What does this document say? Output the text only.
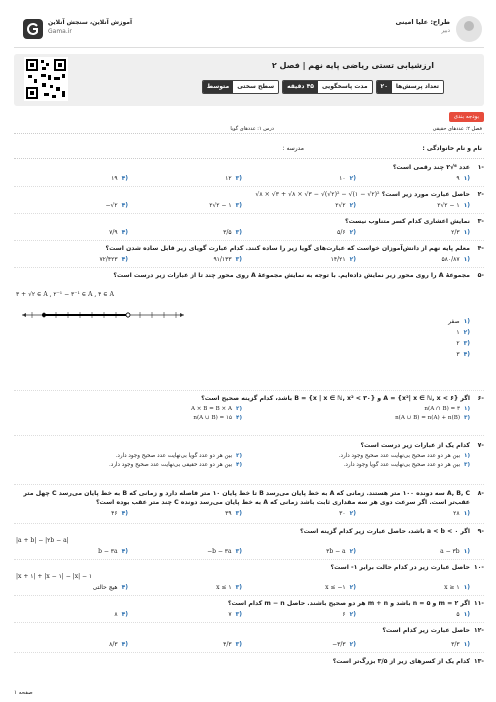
طراح: علیا امینی
دبیر
آموزش آنلاین، سنجش آنلاین
Gama.ir
ارزشیابی تستی ریاضی پایه نهم | فصل ۲
تعداد پرسش‌ها
۲۰
مدت پاسخگویی
۴۵ دقیقه
سطح سختی
متوسط
بودجه بندی
فصل ۲: عددهای حقیقی
درس ۱: عددهای گویا
نام و نام خانوادگی :
مدرسه :
-۱
عدد ⁶√۲ چند رقمی است؟
(۱
۹
(۲
۱۰
(۳
۱۲
(۴
۱۹
-۲
حاصل عبارت مورد زیر است؟ √۸ × √۳ + √۸ × √۳ − √(√۲)² − √(۱ − √۲)²
(۱
۲√۲ − ۱
(۲
۲√۲
(۳
۲√۲ − ۱
(۴
−√۲
-۳
نمایش اعشاری کدام کسر متناوب نیست؟
(۱
۲/۳
(۲
۵/۶
(۳
۳/۵
(۴
۷/۹
-۴
معلم پایه نهم از دانش‌آموزان خواست که عبارت‌های گویا زیر را ساده کنند. کدام عبارت گویای زیر قابل ساده شدن است؟
(۱
۵۸۰/۸۷
(۲
۱۴/۲۱
(۳
۹۱/۱۳۳
(۴
۷۲/۴۲۳
-۵
مجموعهٔ A را روی محور زیر نمایش داده‌ایم. با توجه به نمایش مجموعهٔ A روی محور چند تا از عبارات زیر درست است؟
۳ + √۲ ∈ A , ۲⁻¹ − ۳⁻¹ ∈ A , ۴ ∈ A
(۱
صفر
(۲
۱
(۳
۲
(۴
۳
-۶
اگر A = {x²| x ∈ ℕ, x < ۶} و B = {x | x ∈ ℕ, x² < ۳۰} باشد، کدام گزینه صحیح است؟
(۱
n(A ∩ B) = ۳
(۲
A × B = B × A
(۳
n(A ∪ B) = n(A) + n(B)
(۴
n(A ∪ B) = ۱۵
-۷
کدام یک از عبارات زیر درست است؟
(۱
بین هر دو عدد صحیح بی‌نهایت عدد صحیح وجود دارد.
(۲
بین هر دو عدد گویا بی‌نهایت عدد صحیح وجود دارد.
(۳
بین هر دو عدد صحیح بی‌نهایت عدد گویا وجود دارد.
(۴
بین هر دو عدد حقیقی بی‌نهایت عدد صحیح وجود دارد.
-۸
A, B, C سه دونده ۱۰۰ متر هستند. زمانی که A به خط پایان می‌رسد B تا خط پایان ۱۰ متر فاصله دارد و زمانی که B به خط پایان می‌رسد C چهل متر عقب‌تر است. اگر سرعت دوی هر سه مقداری ثابت باشد زمانی که A به خط پایان می‌رسد دونده C چند متر عقب بوده است؟
(۱
۲۸
(۲
۳۰
(۳
۳۹
(۴
۴۶
-۹
اگر a < b < ۰ باشد، حاصل عبارت زیر کدام گزینه است؟
|a + b| − |۲b − a|
(۱
a − ۳b
(۲
۳b − a
(۳
−b − ۳a
(۴
b − ۳a
-۱۰
حاصل عبارت زیر در کدام حالت برابر ۱- است؟
|x + ۱| + |x − ۱| − |x| − ۱
(۱
x ≥ ۱
(۲
x ≤ −۱
(۳
x ≤ ۱
(۴
هیچ حالتی
-۱۱
اگر ۲ = m و ۵ = n باشد و m + n هر دو صحیح باشند. حاصل m − n کدام است؟
(۱
۵
(۲
۶
(۳
۷
(۴
۸
-۱۲
حاصل عبارت زیر کدام است؟
(۱
۳/۳
(۲
−۳/۳
(۳
۴/۳
(۴
۸/۳
-۱۳
کدام یک از کسرهای زیر از ۳/۵ بزرگ‌تر است؟
صفحه ۱
